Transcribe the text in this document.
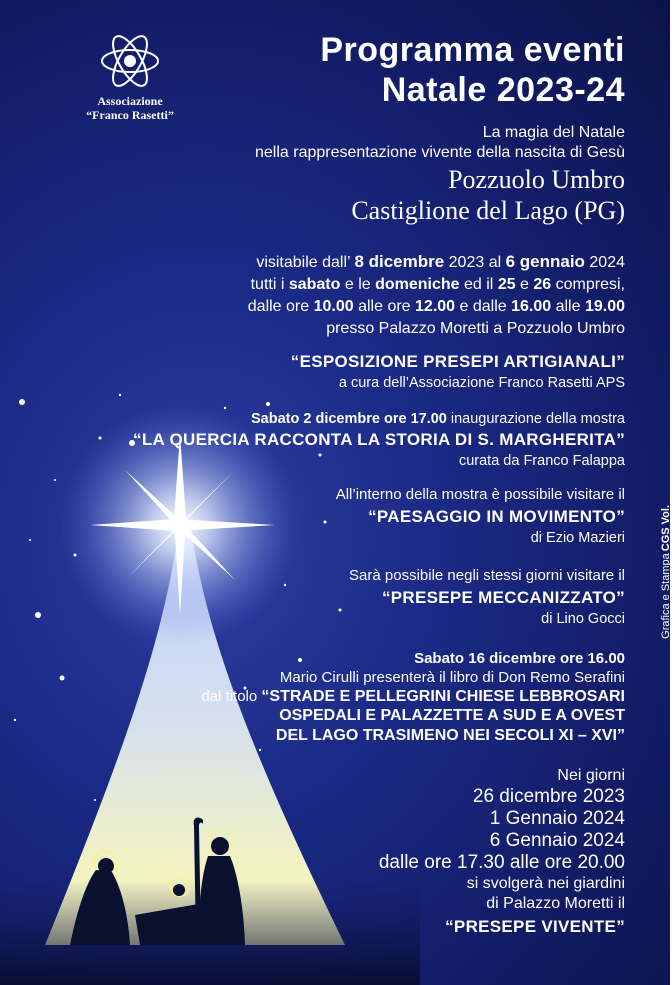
Associazione
“Franco Rasetti”
Programma eventi
Natale 2023-24
La magia del Natale
nella rappresentazione vivente della nascita di Gesù
Pozzuolo Umbro
Castiglione del Lago (PG)
visitabile dall’ 8 dicembre 2023 al 6 gennaio 2024
tutti i sabato e le domeniche ed il 25 e 26 compresi,
dalle ore 10.00 alle ore 12.00 e dalle 16.00 alle 19.00
presso Palazzo Moretti a Pozzuolo Umbro
“ESPOSIZIONE PRESEPI ARTIGIANALI”
a cura dell’Associazione Franco Rasetti APS
Sabato 2 dicembre ore 17.00 inaugurazione della mostra
“LA QUERCIA RACCONTA LA STORIA DI S. MARGHERITA”
curata da Franco Falappa
All’interno della mostra è possibile visitare il
“PAESAGGIO IN MOVIMENTO”
di Ezio Mazieri
Sarà possibile negli stessi giorni visitare il
“PRESEPE MECCANIZZATO”
di Lino Gocci
Sabato 16 dicembre ore 16.00
Mario Cirulli presenterà il libro di Don Remo Serafini
dal titolo “STRADE E PELLEGRINI CHIESE LEBBROSARI
OSPEDALI E PALAZZETTE A SUD E A OVEST
DEL LAGO TRASIMENO NEI SECOLI XI – XVI”
Nei giorni
26 dicembre 2023
1 Gennaio 2024
6 Gennaio 2024
dalle ore 17.30 alle ore 20.00
si svolgerà nei giardini
di Palazzo Moretti il
“PRESEPE VIVENTE”
Grafica e StampaCGS Vol.
